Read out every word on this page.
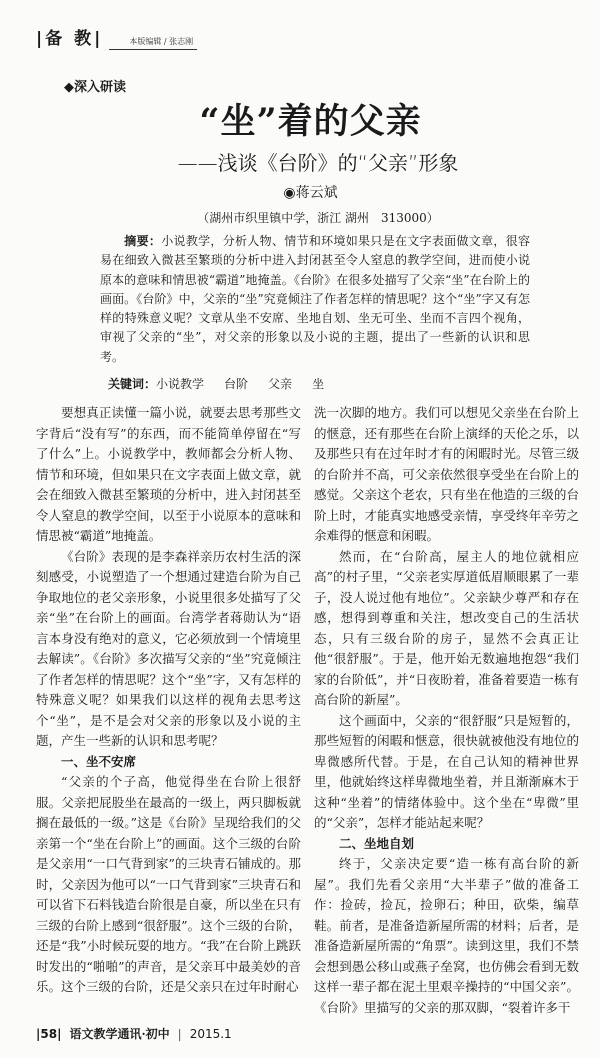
|备 教|	本版编辑 / 张志刚
◆深入研读
“坐”着的父亲
——浅谈《台阶》的“父亲”形象
◉蒋云斌
（湖州市织里镇中学，浙江 湖州　313000）
摘要：小说教学，分析人物、情节和环境如果只是在文字表面做文章，很容易在细致入微甚至繁琐的分析中进入封闭甚至令人窒息的教学空间，进而使小说原本的意味和情思被“霸道”地掩盖。《台阶》在很多处描写了父亲“坐”在台阶上的画面。《台阶》中，父亲的“坐”究竟倾注了作者怎样的情思呢？这个“坐”字又有怎样的特殊意义呢？文章从坐不安席、坐地自划、坐无可坐、坐而不言四个视角，审视了父亲的“坐”，对父亲的形象以及小说的主题，提出了一些新的认识和思考。
关键词：小说教学 台阶 父亲 坐

要想真正读懂一篇小说，就要去思考那些文字背后“没有写”的东西，而不能简单停留在“写了什么”上。小说教学中，教师都会分析人物、情节和环境，但如果只在文字表面上做文章，就会在细致入微甚至繁琐的分析中，进入封闭甚至令人窒息的教学空间，以至于小说原本的意味和情思被“霸道”地掩盖。

《台阶》表现的是李森祥亲历农村生活的深刻感受，小说塑造了一个想通过建造台阶为自己争取地位的老父亲形象，小说里很多处描写了父亲“坐”在台阶上的画面。台湾学者蒋勋认为“语言本身没有绝对的意义，它必须放到一个情境里去解读”。《台阶》多次描写父亲的“坐”究竟倾注了作者怎样的情思呢？这个“坐”字，又有怎样的特殊意义呢？如果我们以这样的视角去思考这个“坐”，是不是会对父亲的形象以及小说的主题，产生一些新的认识和思考呢？

一、坐不安席

“父亲的个子高，他觉得坐在台阶上很舒服。父亲把屁股坐在最高的一级上，两只脚板就搁在最低的一级。”这是《台阶》呈现给我们的父亲第一个“坐在台阶上”的画面。这个三级的台阶是父亲用“一口气背到家”的三块青石铺成的。那时，父亲因为他可以“一口气背到家”三块青石和可以省下石料钱造台阶很是自豪，所以坐在只有三级的台阶上感到“很舒服”。这个三级的台阶，还是“我”小时候玩耍的地方。“我”在台阶上跳跃时发出的“啪啪”的声音，是父亲耳中最美妙的音乐。这个三级的台阶，还是父亲只在过年时耐心

洗一次脚的地方。我们可以想见父亲坐在台阶上的惬意，还有那些在台阶上演绎的天伦之乐，以及那些只有在过年时才有的闲暇时光。尽管三级的台阶并不高，可父亲依然很享受坐在台阶上的感觉。父亲这个老农，只有坐在他造的三级的台阶上时，才能真实地感受亲情，享受终年辛劳之余难得的惬意和闲暇。

然而，在“台阶高，屋主人的地位就相应高”的村子里，“父亲老实厚道低眉顺眼累了一辈子，没人说过他有地位”。父亲缺少尊严和存在感，想得到尊重和关注，想改变自己的生活状态，只有三级台阶的房子，显然不会真正让他“很舒服”。于是，他开始无数遍地抱怨“我们家的台阶低”，并“日夜盼着，准备着要造一栋有高台阶的新屋”。

这个画面中，父亲的“很舒服”只是短暂的，那些短暂的闲暇和惬意，很快就被他没有地位的卑微感所代替。于是，在自己认知的精神世界里，他就始终这样卑微地坐着，并且渐渐麻木于这种“坐着”的情绪体验中。这个坐在“卑微”里的“父亲”，怎样才能站起来呢？

二、坐地自划

终于，父亲决定要“造一栋有高台阶的新屋”。我们先看父亲用“大半辈子”做的准备工作：捡砖，捡瓦，捡卵石；种田，砍柴，编草鞋。前者，是准备造新屋所需的材料；后者，是准备造新屋所需的“角票”。读到这里，我们不禁会想到愚公移山或燕子垒窝，也仿佛会看到无数这样一辈子都在泥土里艰辛操持的“中国父亲”。《台阶》里描写的父亲的那双脚，“裂着许多干

|58| 语文教学通讯·初中 | 2015.1
